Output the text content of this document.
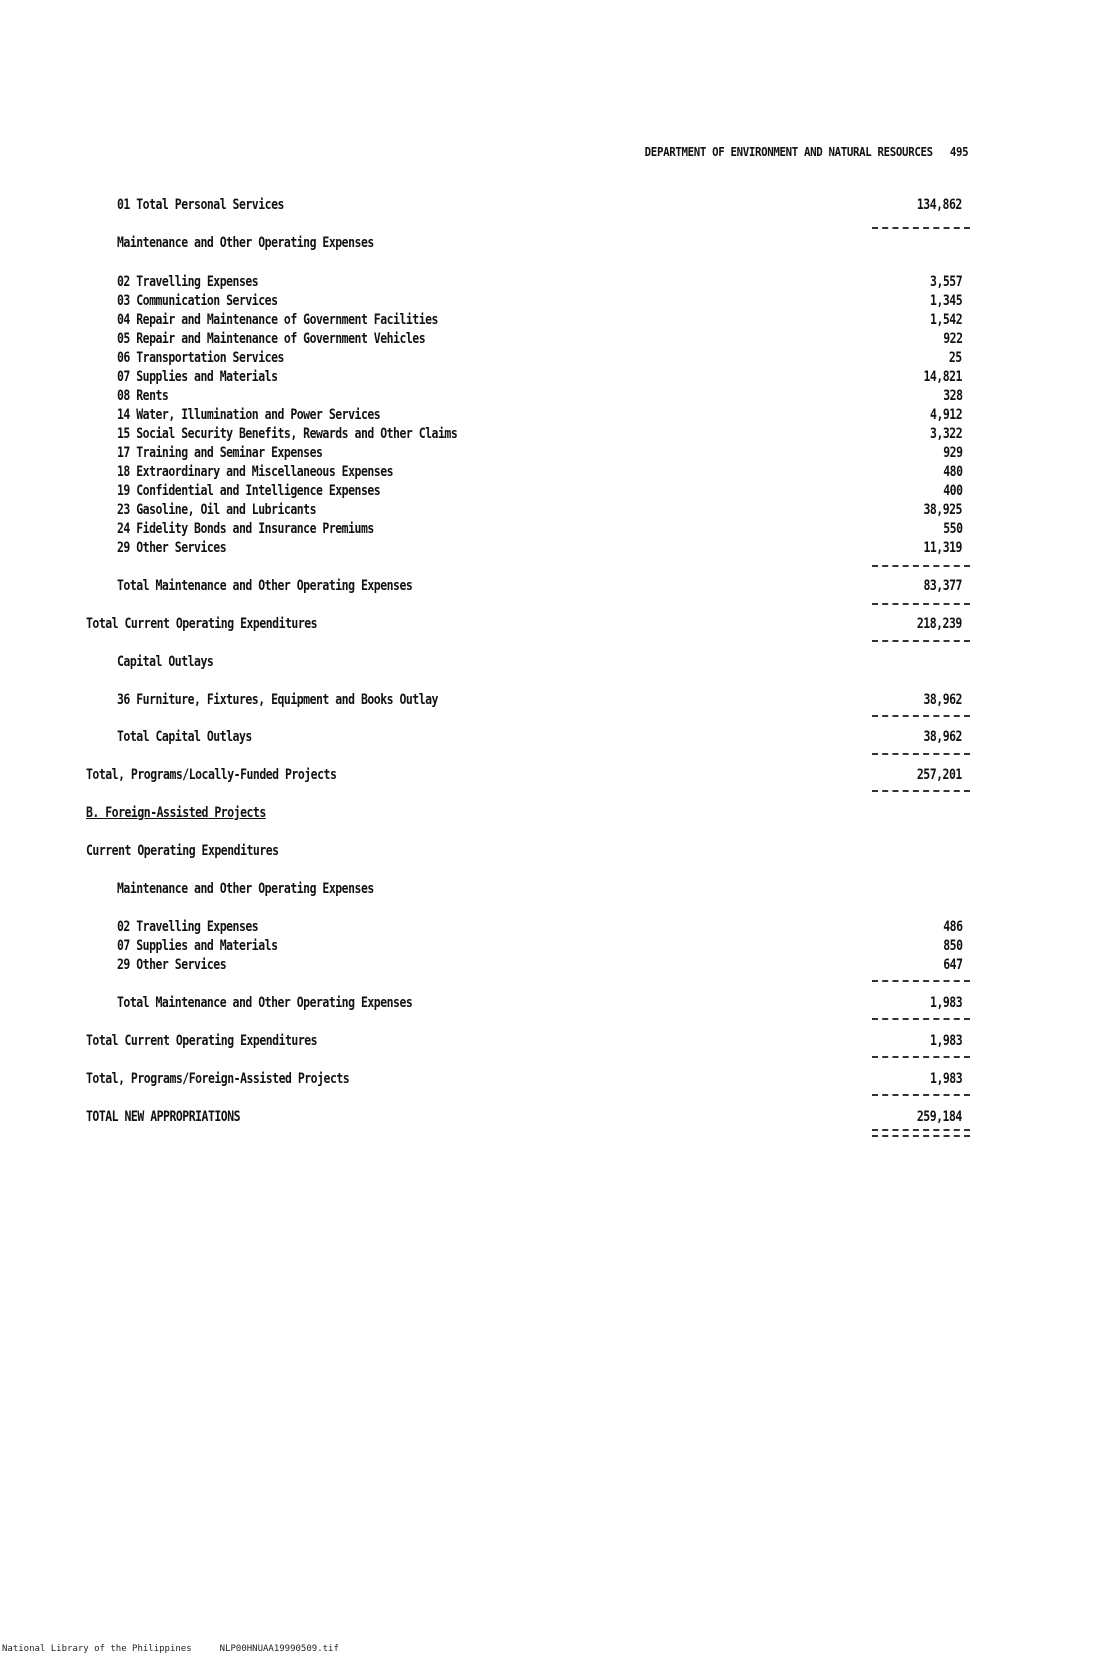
DEPARTMENT OF ENVIRONMENT AND NATURAL RESOURCES 495
01 Total Personal Services	134,862
Maintenance and Other Operating Expenses
02 Travelling Expenses	3,557
03 Communication Services	1,345
04 Repair and Maintenance of Government Facilities	1,542
05 Repair and Maintenance of Government Vehicles	922
06 Transportation Services	25
07 Supplies and Materials	14,821
08 Rents	328
14 Water, Illumination and Power Services	4,912
15 Social Security Benefits, Rewards and Other Claims	3,322
17 Training and Seminar Expenses	929
18 Extraordinary and Miscellaneous Expenses	480
19 Confidential and Intelligence Expenses	400
23 Gasoline, Oil and Lubricants	38,925
24 Fidelity Bonds and Insurance Premiums	550
29 Other Services	11,319
Total Maintenance and Other Operating Expenses	83,377
Total Current Operating Expenditures	218,239
Capital Outlays
36 Furniture, Fixtures, Equipment and Books Outlay	38,962
Total Capital Outlays	38,962
Total, Programs/Locally-Funded Projects	257,201
B. Foreign-Assisted Projects
Current Operating Expenditures
Maintenance and Other Operating Expenses
02 Travelling Expenses	486
07 Supplies and Materials	850
29 Other Services	647
Total Maintenance and Other Operating Expenses	1,983
Total Current Operating Expenditures	1,983
Total, Programs/Foreign-Assisted Projects	1,983
TOTAL NEW APPROPRIATIONS	259,184
National Library of the Philippines	NLP00HNUAA19990509.tif
